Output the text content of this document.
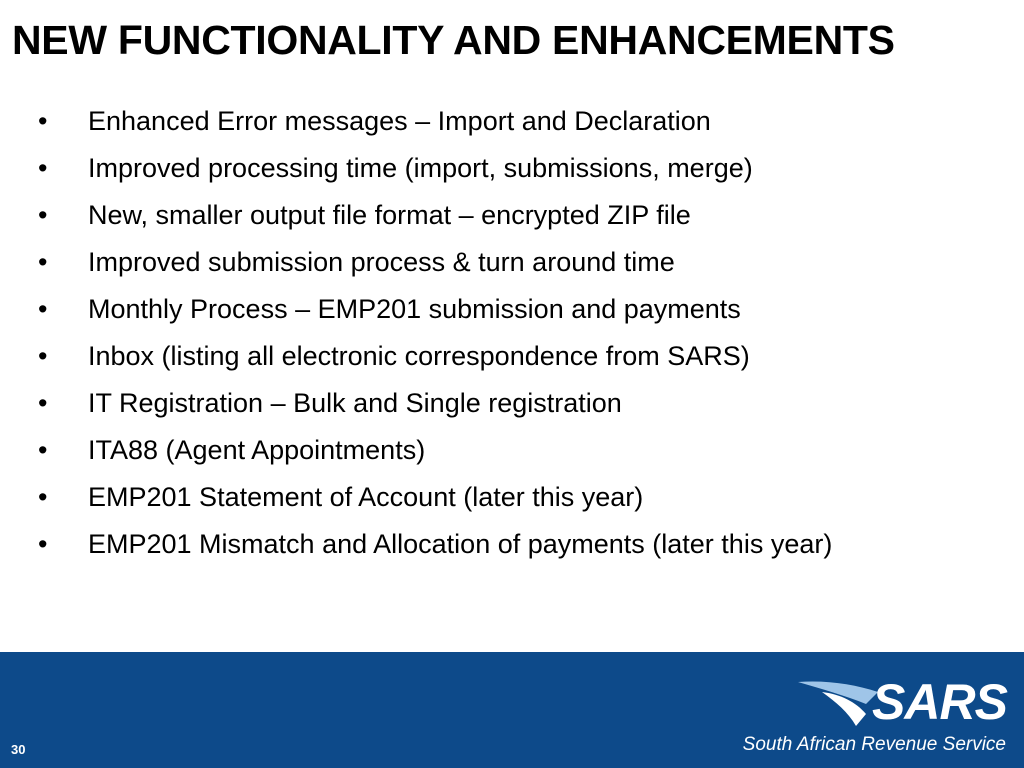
NEW FUNCTIONALITY AND ENHANCEMENTS
• Enhanced Error messages – Import and Declaration
• Improved processing time (import, submissions, merge)
• New, smaller output file format – encrypted ZIP file
• Improved submission process & turn around time
• Monthly Process – EMP201 submission and payments
• Inbox (listing all electronic correspondence from SARS)
• IT Registration – Bulk and Single registration
• ITA88 (Agent Appointments)
• EMP201 Statement of Account (later this year)
• EMP201 Mismatch and Allocation of payments (later this year)
30
SARS
South African Revenue Service
